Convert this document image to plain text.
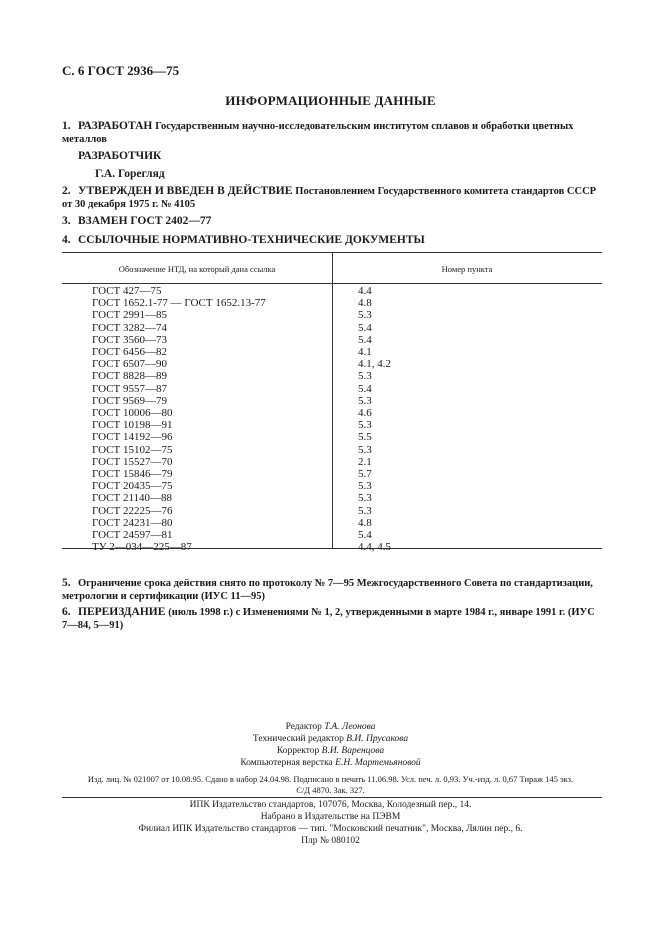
С. 6 ГОСТ 2936—75
ИНФОРМАЦИОННЫЕ ДАННЫЕ
1. РАЗРАБОТАН Государственным научно-исследовательским институтом сплавов и обработки цветных металлов
РАЗРАБОТЧИК
Г.А. Горегляд
2. УТВЕРЖДЕН И ВВЕДЕН В ДЕЙСТВИЕ Постановлением Государственного комитета стандартов СССР от 30 декабря 1975 г. № 4105
3. ВЗАМЕН ГОСТ 2402—77
4. ССЫЛОЧНЫЕ НОРМАТИВНО-ТЕХНИЧЕСКИЕ ДОКУМЕНТЫ
Обозначение НТД, на который дана ссылка	Номер пункта
ГОСТ 427—75	4.4
ГОСТ 1652.1-77 — ГОСТ 1652.13-77	4.8
ГОСТ 2991—85	5.3
ГОСТ 3282—74	5.4
ГОСТ 3560—73	5.4
ГОСТ 6456—82	4.1
ГОСТ 6507—90	4.1, 4.2
ГОСТ 8828—89	5.3
ГОСТ 9557—87	5.4
ГОСТ 9569—79	5.3
ГОСТ 10006—80	4.6
ГОСТ 10198—91	5.3
ГОСТ 14192—96	5.5
ГОСТ 15102—75	5.3
ГОСТ 15527—70	2.1
ГОСТ 15846—79	5.7
ГОСТ 20435—75	5.3
ГОСТ 21140—88	5.3
ГОСТ 22225—76	5.3
ГОСТ 24231—80	4.8
ГОСТ 24597—81	5.4
ТУ 2—034—225—87	4.4, 4.5
5. Ограничение срока действия снято по протоколу № 7—95 Межгосударственного Совета по стандартизации, метрологии и сертификации (ИУС 11—95)
6. ПЕРЕИЗДАНИЕ (июль 1998 г.) с Изменениями № 1, 2, утвержденными в марте 1984 г., январе 1991 г. (ИУС 7—84, 5—91)
Редактор Т.А. Леонова
Технический редактор В.И. Прусакова
Корректор В.И. Варенцова
Компьютерная верстка Е.Н. Мартемьяновой
Изд. лиц. № 021007 от 10.08.95. Сдано в набор 24.04.98. Подписано в печать 11.06.98. Усл. печ. л. 0,93. Уч.-изд. л. 0,67 Тираж 145 экз.
С/Д 4870. Зак. 327.
ИПК Издательство стандартов, 107076, Москва, Колодезный пер., 14.
Набрано в Издательстве на ПЭВМ
Филиал ИПК Издательство стандартов — тип. "Московский печатник", Москва, Лялин пер., 6.
Плр № 080102
